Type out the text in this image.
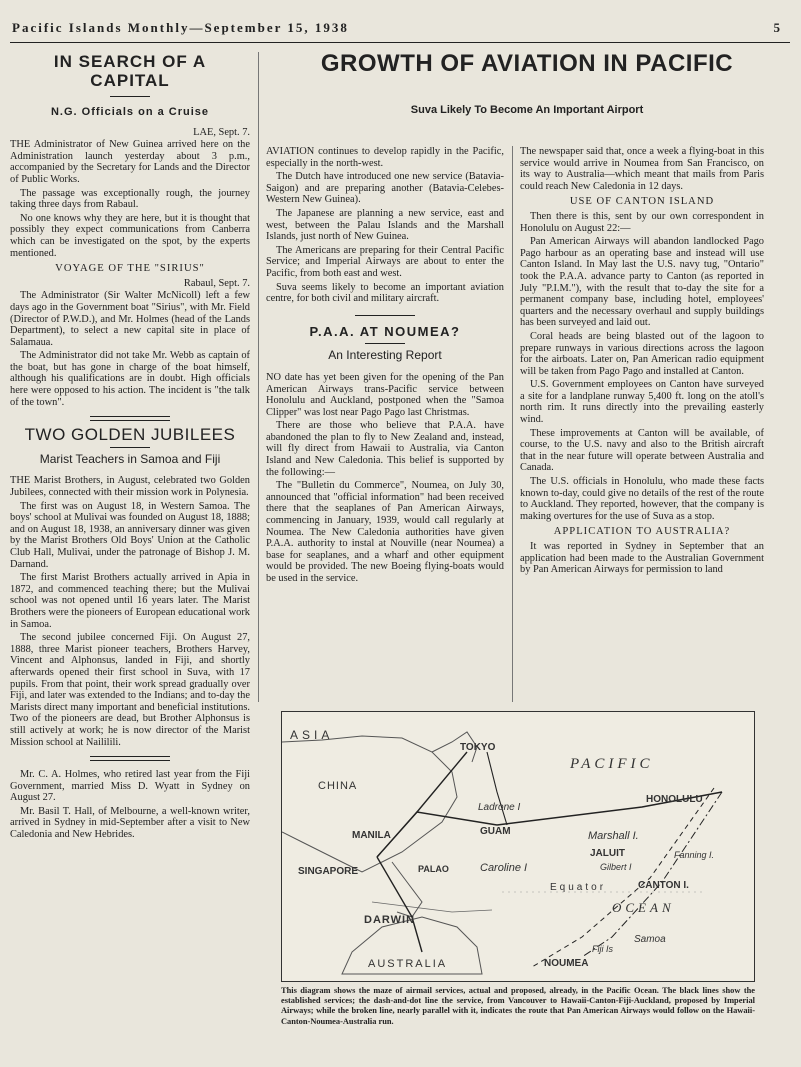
Pacific Islands Monthly—September 15, 1938	5
IN SEARCH OF A
CAPITAL
N.G. Officials on a Cruise
LAE, Sept. 7.

THE Administrator of New Guinea arrived here on the Administration launch yesterday about 3 p.m., accompanied by the Secretary for Lands and the Director of Public Works.

The passage was exceptionally rough, the journey taking three days from Rabaul.

No one knows why they are here, but it is thought that possibly they expect communications from Canberra which can be investigated on the spot, by the experts mentioned.

VOYAGE OF THE "SIRIUS"
Rabaul, Sept. 7.

The Administrator (Sir Walter McNicoll) left a few days ago in the Government boat "Sirius", with Mr. Field (Director of P.W.D.), and Mr. Holmes (head of the Lands Department), to select a new capital site in place of Salamaua.

The Administrator did not take Mr. Webb as captain of the boat, but has gone in charge of the boat himself, although his qualifications are in doubt. High officials here were opposed to his action. The incident is "the talk of the town".

TWO GOLDEN JUBILEES
Marist Teachers in Samoa and Fiji

THE Marist Brothers, in August, celebrated two Golden Jubilees, connected with their mission work in Polynesia.

The first was on August 18, in Western Samoa. The boys' school at Mulivai was founded on August 18, 1888; and on August 18, 1938, an anniversary dinner was given by the Marist Brothers Old Boys' Union at the Catholic Club Hall, Mulivai, under the patronage of Bishop J. M. Darnand.

The first Marist Brothers actually arrived in Apia in 1872, and commenced teaching there; but the Mulivai school was not opened until 16 years later. The Marist Brothers were the pioneers of European educational work in Samoa.

The second jubilee concerned Fiji. On August 27, 1888, three Marist pioneer teachers, Brothers Harvey, Vincent and Alphonsus, landed in Fiji, and shortly afterwards opened their first school in Suva, with 17 pupils. From that point, their work spread gradually over Fiji, and later was extended to the Indians; and to-day the Marists direct many important and beneficial institutions. Two of the pioneers are dead, but Brother Alphonsus is still actively at work; he is now director of the Marist Mission school at Naililili.

Mr. C. A. Holmes, who retired last year from the Fiji Government, married Miss D. Wyatt in Sydney on August 27.

Mr. Basil T. Hall, of Melbourne, a well-known writer, arrived in Sydney in mid-September after a visit to New Caledonia and New Hebrides.

GROWTH OF AVIATION IN PACIFIC
Suva Likely To Become An Important Airport

AVIATION continues to develop rapidly in the Pacific, especially in the north-west.

The Dutch have introduced one new service (Batavia-Saigon) and are preparing another (Batavia-Celebes-Western New Guinea).

The Japanese are planning a new service, east and west, between the Palau Islands and the Marshall Islands, just north of New Guinea.

The Americans are preparing for their Central Pacific Service; and Imperial Airways are about to enter the Pacific, from both east and west.

Suva seems likely to become an important aviation centre, for both civil and military aircraft.

P.A.A. AT NOUMEA?
An Interesting Report

NO date has yet been given for the opening of the Pan American Airways trans-Pacific service between Honolulu and Auckland, postponed when the "Samoa Clipper" was lost near Pago Pago last Christmas.

There are those who believe that P.A.A. have abandoned the plan to fly to New Zealand and, instead, will fly direct from Hawaii to Australia, via Canton Island and New Caledonia. This belief is supported by the following:—

The "Bulletin du Commerce", Noumea, on July 30, announced that "official information" had been received there that the seaplanes of Pan American Airways, commencing in January, 1939, would call regularly at Noumea. The New Caledonia authorities have given P.A.A. authority to instal at Nouville (near Noumea) a base for seaplanes, and a wharf and other equipment would be provided. The new Boeing flying-boats would be used in the service.

The newspaper said that, once a week a flying-boat in this service would arrive in Noumea from San Francisco, on its way to Australia—which meant that mails from Paris could reach New Caledonia in 12 days.

USE OF CANTON ISLAND

Then there is this, sent by our own correspondent in Honolulu on August 22:—

Pan American Airways will abandon landlocked Pago Pago harbour as an operating base and instead will use Canton Island. In May last the U.S. navy tug, "Ontario" took the P.A.A. advance party to Canton (as reported in July "P.I.M."), with the result that to-day the site for a permanent company base, including hotel, employees' quarters and the necessary overhaul and supply buildings has been surveyed and laid out.

Coral heads are being blasted out of the lagoon to prepare runways in various directions across the lagoon for the airboats. Later on, Pan American radio equipment will be taken from Pago Pago and installed at Canton.

U.S. Government employees on Canton have surveyed a site for a landplane runway 5,400 ft. long on the atoll's north rim. It runs directly into the prevailing easterly wind.

These improvements at Canton will be available, of course, to the U.S. navy and also to the British aircraft that in the near future will operate between Australia and Canada.

The U.S. officials in Honolulu, who made these facts known to-day, could give no details of the rest of the route to Auckland. They reported, however, that the company is making overtures for the use of Suva as a stop.

APPLICATION TO AUSTRALIA?

It was reported in Sydney in September that an application had been made to the Australian Government by Pan American Airways for permission to land

ASIA
TOKYO
CHINA
PACIFIC
HONOLULU
Ladrone I
MANILA	GUAM	Marshall I.
JALUIT
Gilbert I
Fanning I.
PALAO	Caroline I
SINGAPORE
Equator	CANTON I.
OCEAN
DARWIN
Samoa
Fiji Is
AUSTRALIA	NOUMEA
This diagram shows the maze of airmail services, actual and proposed, already, in the Pacific Ocean. The black lines show the established services; the dash-and-dot line the service, from Vancouver to Hawaii-Canton-Fiji-Auckland, proposed by Imperial Airways; while the broken line, nearly parallel with it, indicates the route that Pan American Airways would follow on the Hawaii-Canton-Noumea-Australia run.
